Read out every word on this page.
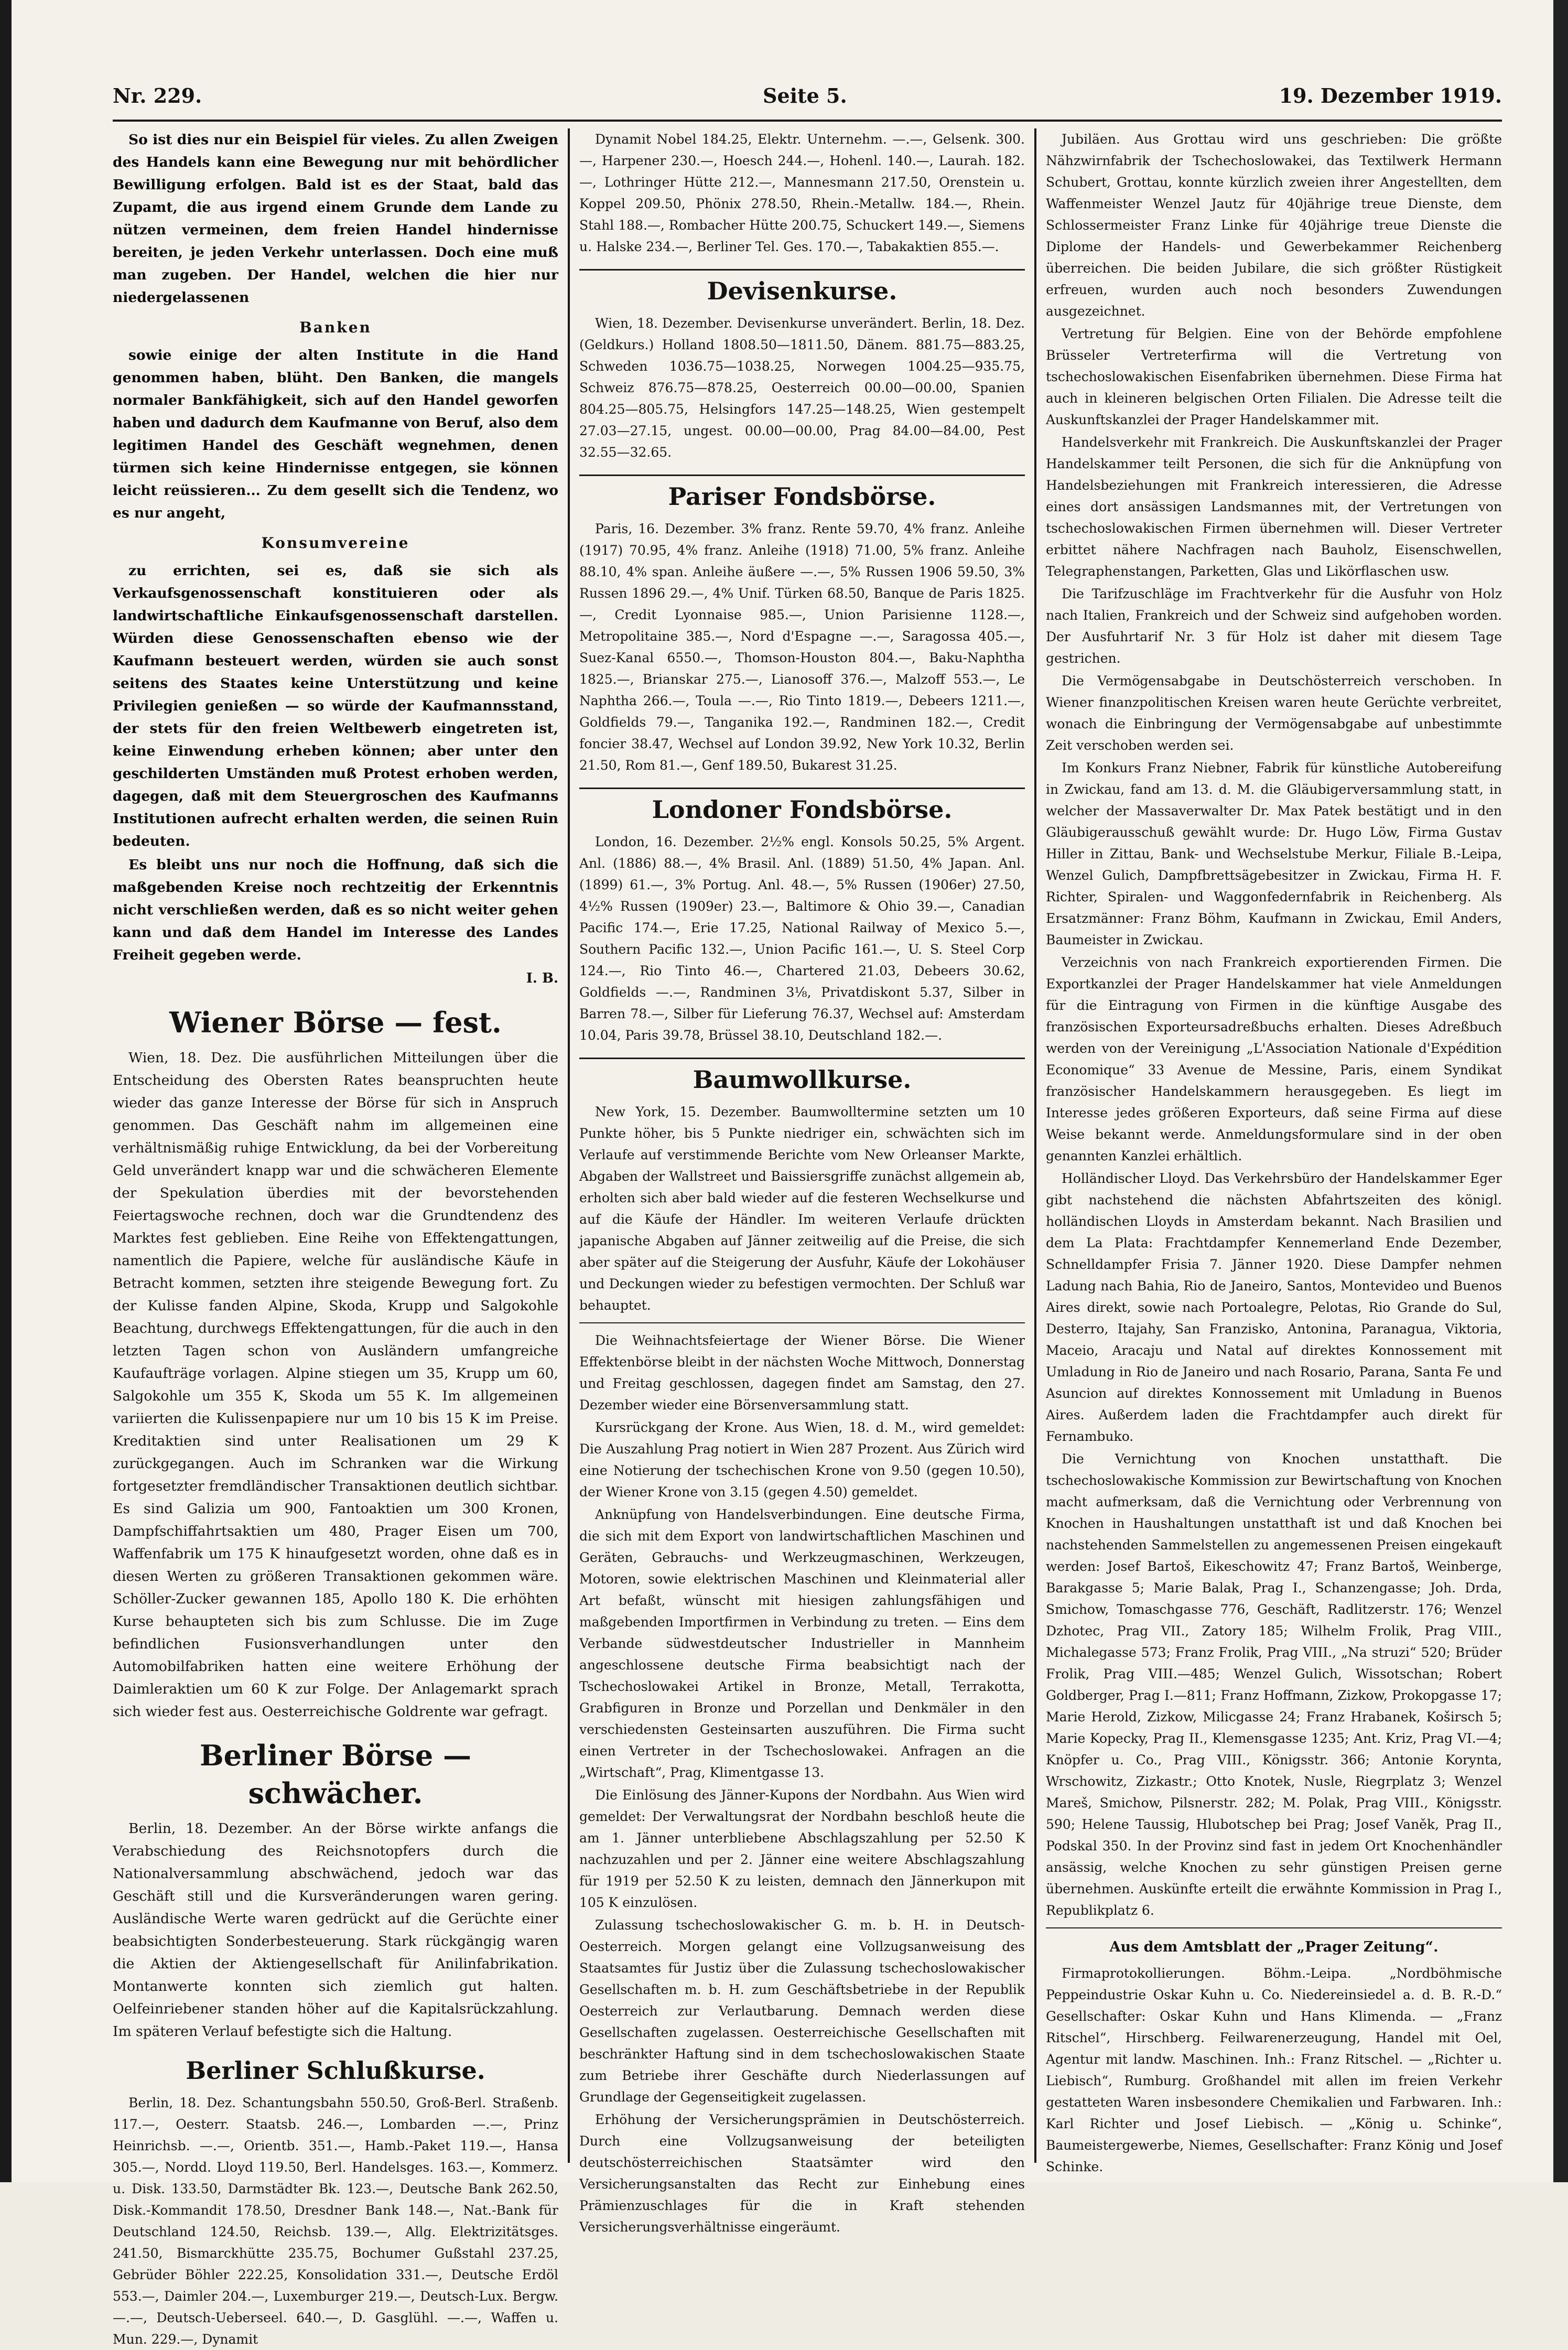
Nr. 229.	Seite 5.	19. Dezember 1919.

So ist dies nur ein Beispiel für vieles. Zu allen Zweigen des Handels kann eine Bewegung nur mit behördlicher Bewilligung erfolgen. Bald ist es der Staat, bald das Zupamt, die aus irgend einem Grunde dem Lande zu nützen vermeinen, dem freien Handel hindernisse bereiten, je jeden Verkehr unterlassen. Doch eine muß man zugeben. Der Handel, welchen die hier nur niedergelassenen

Banken

sowie einige der alten Institute in die Hand genommen haben, blüht. Den Banken, die mangels normaler Bankfähigkeit, sich auf den Handel geworfen haben und dadurch dem Kaufmanne von Beruf, also dem legitimen Handel des Geschäft wegnehmen, denen türmen sich keine Hindernisse entgegen, sie können leicht reüssieren... Zu dem gesellt sich die Tendenz, wo es nur angeht,

Konsumvereine

zu errichten, sei es, daß sie sich als Verkaufsgenossenschaft konstituieren oder als landwirtschaftliche Einkaufsgenossenschaft darstellen. Würden diese Genossenschaften ebenso wie der Kaufmann besteuert werden, würden sie auch sonst seitens des Staates keine Unterstützung und keine Privilegien genießen — so würde der Kaufmannsstand, der stets für den freien Weltbewerb eingetreten ist, keine Einwendung erheben können; aber unter den geschilderten Umständen muß Protest erhoben werden, dagegen, daß mit dem Steuergroschen des Kaufmanns Institutionen aufrecht erhalten werden, die seinen Ruin bedeuten.

Es bleibt uns nur noch die Hoffnung, daß sich die maßgebenden Kreise noch rechtzeitig der Erkenntnis nicht verschließen werden, daß es so nicht weiter gehen kann und daß dem Handel im Interesse des Landes Freiheit gegeben werde.

I. B.
Wiener Börse — fest.

Wien, 18. Dez. Die ausführlichen Mitteilungen über die Entscheidung des Obersten Rates beanspruchten heute wieder das ganze Interesse der Börse für sich in Anspruch genommen. Das Geschäft nahm im allgemeinen eine verhältnismäßig ruhige Entwicklung, da bei der Vorbereitung Geld unverändert knapp war und die schwächeren Elemente der Spekulation überdies mit der bevorstehenden Feiertagswoche rechnen, doch war die Grundtendenz des Marktes fest geblieben. Eine Reihe von Effektengattungen, namentlich die Papiere, welche für ausländische Käufe in Betracht kommen, setzten ihre steigende Bewegung fort. Zu der Kulisse fanden Alpine, Skoda, Krupp und Salgokohle Beachtung, durchwegs Effektengattungen, für die auch in den letzten Tagen schon von Ausländern umfangreiche Kaufaufträge vorlagen. Alpine stiegen um 35, Krupp um 60, Salgokohle um 355 K, Skoda um 55 K. Im allgemeinen variierten die Kulissenpapiere nur um 10 bis 15 K im Preise. Kreditaktien sind unter Realisationen um 29 K zurückgegangen. Auch im Schranken war die Wirkung fortgesetzter fremdländischer Transaktionen deutlich sichtbar. Es sind Galizia um 900, Fantoaktien um 300 Kronen, Dampfschiffahrtsaktien um 480, Prager Eisen um 700, Waffenfabrik um 175 K hinaufgesetzt worden, ohne daß es in diesen Werten zu größeren Transaktionen gekommen wäre. Schöller-Zucker gewannen 185, Apollo 180 K. Die erhöhten Kurse behaupteten sich bis zum Schlusse. Die im Zuge befindlichen Fusionsverhandlungen unter den Automobilfabriken hatten eine weitere Erhöhung der Daimleraktien um 60 K zur Folge. Der Anlagemarkt sprach sich wieder fest aus. Oesterreichische Goldrente war gefragt.

Berliner Börse — schwächer.

Berlin, 18. Dezember. An der Börse wirkte anfangs die Verabschiedung des Reichsnotopfers durch die Nationalversammlung abschwächend, jedoch war das Geschäft still und die Kursveränderungen waren gering. Ausländische Werte waren gedrückt auf die Gerüchte einer beabsichtigten Sonderbesteuerung. Stark rückgängig waren die Aktien der Aktiengesellschaft für Anilinfabrikation. Montanwerte konnten sich ziemlich gut halten. Oelfeinriebener standen höher auf die Kapitalsrückzahlung. Im späteren Verlauf befestigte sich die Haltung.

Berliner Schlußkurse.

Berlin, 18. Dez. Schantungsbahn 550.50, Groß-Berl. Straßenb. 117.—, Oesterr. Staatsb. 246.—, Lombarden —.—, Prinz Heinrichsb. —.—, Orientb. 351.—, Hamb.-Paket 119.—, Hansa 305.—, Nordd. Lloyd 119.50, Berl. Handelsges. 163.—, Kommerz. u. Disk. 133.50, Darmstädter Bk. 123.—, Deutsche Bank 262.50, Disk.-Kommandit 178.50, Dresdner Bank 148.—, Nat.-Bank für Deutschland 124.50, Reichsb. 139.—, Allg. Elektrizitätsges. 241.50, Bismarckhütte 235.75, Bochumer Gußstahl 237.25, Gebrüder Böhler 222.25, Konsolidation 331.—, Deutsche Erdöl 553.—, Daimler 204.—, Luxemburger 219.—, Deutsch-Lux. Bergw. —.—, Deutsch-Ueberseel. 640.—, D. Gasglühl. —.—, Waffen u. Mun. 229.—, Dynamit

Dynamit Nobel 184.25, Elektr. Unternehm. —.—, Gelsenk. 300.—, Harpener 230.—, Hoesch 244.—, Hohenl. 140.—, Laurah. 182.—, Lothringer Hütte 212.—, Mannesmann 217.50, Orenstein u. Koppel 209.50, Phönix 278.50, Rhein.-Metallw. 184.—, Rhein. Stahl 188.—, Rombacher Hütte 200.75, Schuckert 149.—, Siemens u. Halske 234.—, Berliner Tel. Ges. 170.—, Tabakaktien 855.—.

Devisenkurse.

Wien, 18. Dezember. Devisenkurse unverändert. Berlin, 18. Dez. (Geldkurs.) Holland 1808.50—1811.50, Dänem. 881.75—883.25, Schweden 1036.75—1038.25, Norwegen 1004.25—935.75, Schweiz 876.75—878.25, Oesterreich 00.00—00.00, Spanien 804.25—805.75, Helsingfors 147.25—148.25, Wien gestempelt 27.03—27.15, ungest. 00.00—00.00, Prag 84.00—84.00, Pest 32.55—32.65.

Pariser Fondsbörse.

Paris, 16. Dezember. 3% franz. Rente 59.70, 4% franz. Anleihe (1917) 70.95, 4% franz. Anleihe (1918) 71.00, 5% franz. Anleihe 88.10, 4% span. Anleihe äußere —.—, 5% Russen 1906 59.50, 3% Russen 1896 29.—, 4% Unif. Türken 68.50, Banque de Paris 1825.—, Credit Lyonnaise 985.—, Union Parisienne 1128.—, Metropolitaine 385.—, Nord d'Espagne —.—, Saragossa 405.—, Suez-Kanal 6550.—, Thomson-Houston 804.—, Baku-Naphtha 1825.—, Brianskar 275.—, Lianosoff 376.—, Malzoff 553.—, Le Naphtha 266.—, Toula —.—, Rio Tinto 1819.—, Debeers 1211.—, Goldfields 79.—, Tanganika 192.—, Randminen 182.—, Credit foncier 38.47, Wechsel auf London 39.92, New York 10.32, Berlin 21.50, Rom 81.—, Genf 189.50, Bukarest 31.25.

Londoner Fondsbörse.

London, 16. Dezember. 2½% engl. Konsols 50.25, 5% Argent. Anl. (1886) 88.—, 4% Brasil. Anl. (1889) 51.50, 4% Japan. Anl. (1899) 61.—, 3% Portug. Anl. 48.—, 5% Russen (1906er) 27.50, 4½% Russen (1909er) 23.—, Baltimore & Ohio 39.—, Canadian Pacific 174.—, Erie 17.25, National Railway of Mexico 5.—, Southern Pacific 132.—, Union Pacific 161.—, U. S. Steel Corp 124.—, Rio Tinto 46.—, Chartered 21.03, Debeers 30.62, Goldfields —.—, Randminen 3⅛, Privatdiskont 5.37, Silber in Barren 78.—, Silber für Lieferung 76.37, Wechsel auf: Amsterdam 10.04, Paris 39.78, Brüssel 38.10, Deutschland 182.—.

Baumwollkurse.

New York, 15. Dezember. Baumwolltermine setzten um 10 Punkte höher, bis 5 Punkte niedriger ein, schwächten sich im Verlaufe auf verstimmende Berichte vom New Orleanser Markte, Abgaben der Wallstreet und Baissiersgriffe zunächst allgemein ab, erholten sich aber bald wieder auf die festeren Wechselkurse und auf die Käufe der Händler. Im weiteren Verlaufe drückten japanische Abgaben auf Jänner zeitweilig auf die Preise, die sich aber später auf die Steigerung der Ausfuhr, Käufe der Lokohäuser und Deckungen wieder zu befestigen vermochten. Der Schluß war behauptet.

Die Weihnachtsfeiertage der Wiener Börse. Die Wiener Effektenbörse bleibt in der nächsten Woche Mittwoch, Donnerstag und Freitag geschlossen, dagegen findet am Samstag, den 27. Dezember wieder eine Börsenversammlung statt.

Kursrückgang der Krone. Aus Wien, 18. d. M., wird gemeldet: Die Auszahlung Prag notiert in Wien 287 Prozent. Aus Zürich wird eine Notierung der tschechischen Krone von 9.50 (gegen 10.50), der Wiener Krone von 3.15 (gegen 4.50) gemeldet.

Anknüpfung von Handelsverbindungen. Eine deutsche Firma, die sich mit dem Export von landwirtschaftlichen Maschinen und Geräten, Gebrauchs- und Werkzeugmaschinen, Werkzeugen, Motoren, sowie elektrischen Maschinen und Kleinmaterial aller Art befaßt, wünscht mit hiesigen zahlungsfähigen und maßgebenden Importfirmen in Verbindung zu treten. — Eins dem Verbande südwestdeutscher Industrieller in Mannheim angeschlossene deutsche Firma beabsichtigt nach der Tschechoslowakei Artikel in Bronze, Metall, Terrakotta, Grabfiguren in Bronze und Porzellan und Denkmäler in den verschiedensten Gesteinsarten auszuführen. Die Firma sucht einen Vertreter in der Tschechoslowakei. Anfragen an die „Wirtschaft“, Prag, Klimentgasse 13.

Die Einlösung des Jänner-Kupons der Nordbahn. Aus Wien wird gemeldet: Der Verwaltungsrat der Nordbahn beschloß heute die am 1. Jänner unterbliebene Abschlagszahlung per 52.50 K nachzuzahlen und per 2. Jänner eine weitere Abschlagszahlung für 1919 per 52.50 K zu leisten, demnach den Jännerkupon mit 105 K einzulösen.

Zulassung tschechoslowakischer G. m. b. H. in Deutsch-Oesterreich. Morgen gelangt eine Vollzugsanweisung des Staatsamtes für Justiz über die Zulassung tschechoslowakischer Gesellschaften m. b. H. zum Geschäftsbetriebe in der Republik Oesterreich zur Verlautbarung. Demnach werden diese Gesellschaften zugelassen. Oesterreichische Gesellschaften mit beschränkter Haftung sind in dem tschechoslowakischen Staate zum Betriebe ihrer Geschäfte durch Niederlassungen auf Grundlage der Gegenseitigkeit zugelassen.

Erhöhung der Versicherungsprämien in Deutschösterreich. Durch eine Vollzugsanweisung der beteiligten deutschösterreichischen Staatsämter wird den Versicherungsanstalten das Recht zur Einhebung eines Prämienzuschlages für die in Kraft stehenden Versicherungsverhältnisse eingeräumt.

Jubiläen. Aus Grottau wird uns geschrieben: Die größte Nähzwirnfabrik der Tschechoslowakei, das Textilwerk Hermann Schubert, Grottau, konnte kürzlich zweien ihrer Angestellten, dem Waffenmeister Wenzel Jautz für 40jährige treue Dienste, dem Schlossermeister Franz Linke für 40jährige treue Dienste die Diplome der Handels- und Gewerbekammer Reichenberg überreichen. Die beiden Jubilare, die sich größter Rüstigkeit erfreuen, wurden auch noch besonders Zuwendungen ausgezeichnet.

Vertretung für Belgien. Eine von der Behörde empfohlene Brüsseler Vertreterfirma will die Vertretung von tschechoslowakischen Eisenfabriken übernehmen. Diese Firma hat auch in kleineren belgischen Orten Filialen. Die Adresse teilt die Auskunftskanzlei der Prager Handelskammer mit.

Handelsverkehr mit Frankreich. Die Auskunftskanzlei der Prager Handelskammer teilt Personen, die sich für die Anknüpfung von Handelsbeziehungen mit Frankreich interessieren, die Adresse eines dort ansässigen Landsmannes mit, der Vertretungen von tschechoslowakischen Firmen übernehmen will. Dieser Vertreter erbittet nähere Nachfragen nach Bauholz, Eisenschwellen, Telegraphenstangen, Parketten, Glas und Likörflaschen usw.

Die Tarifzuschläge im Frachtverkehr für die Ausfuhr von Holz nach Italien, Frankreich und der Schweiz sind aufgehoben worden. Der Ausfuhrtarif Nr. 3 für Holz ist daher mit diesem Tage gestrichen.

Die Vermögensabgabe in Deutschösterreich verschoben. In Wiener finanzpolitischen Kreisen waren heute Gerüchte verbreitet, wonach die Einbringung der Vermögensabgabe auf unbestimmte Zeit verschoben werden sei.

Im Konkurs Franz Niebner, Fabrik für künstliche Autobereifung in Zwickau, fand am 13. d. M. die Gläubigerversammlung statt, in welcher der Massaverwalter Dr. Max Patek bestätigt und in den Gläubigerausschuß gewählt wurde: Dr. Hugo Löw, Firma Gustav Hiller in Zittau, Bank- und Wechselstube Merkur, Filiale B.-Leipa, Wenzel Gulich, Dampfbrettsägebesitzer in Zwickau, Firma H. F. Richter, Spiralen- und Waggonfedernfabrik in Reichenberg. Als Ersatzmänner: Franz Böhm, Kaufmann in Zwickau, Emil Anders, Baumeister in Zwickau.

Verzeichnis von nach Frankreich exportierenden Firmen. Die Exportkanzlei der Prager Handelskammer hat viele Anmeldungen für die Eintragung von Firmen in die künftige Ausgabe des französischen Exporteursadreßbuchs erhalten. Dieses Adreßbuch werden von der Vereinigung „L'Association Nationale d'Expédition Economique“ 33 Avenue de Messine, Paris, einem Syndikat französischer Handelskammern herausgegeben. Es liegt im Interesse jedes größeren Exporteurs, daß seine Firma auf diese Weise bekannt werde. Anmeldungsformulare sind in der oben genannten Kanzlei erhältlich.

Holländischer Lloyd. Das Verkehrsbüro der Handelskammer Eger gibt nachstehend die nächsten Abfahrtszeiten des königl. holländischen Lloyds in Amsterdam bekannt. Nach Brasilien und dem La Plata: Frachtdampfer Kennemerland Ende Dezember, Schnelldampfer Frisia 7. Jänner 1920. Diese Dampfer nehmen Ladung nach Bahia, Rio de Janeiro, Santos, Montevideo und Buenos Aires direkt, sowie nach Portoalegre, Pelotas, Rio Grande do Sul, Desterro, Itajahy, San Franzisko, Antonina, Paranagua, Viktoria, Maceio, Aracaju und Natal auf direktes Konnossement mit Umladung in Rio de Janeiro und nach Rosario, Parana, Santa Fe und Asuncion auf direktes Konnossement mit Umladung in Buenos Aires. Außerdem laden die Frachtdampfer auch direkt für Fernambuko.

Die Vernichtung von Knochen unstatthaft. Die tschechoslowakische Kommission zur Bewirtschaftung von Knochen macht aufmerksam, daß die Vernichtung oder Verbrennung von Knochen in Haushaltungen unstatthaft ist und daß Knochen bei nachstehenden Sammelstellen zu angemessenen Preisen eingekauft werden: Josef Bartoš, Eikeschowitz 47; Franz Bartoš, Weinberge, Barakgasse 5; Marie Balak, Prag I., Schanzengasse; Joh. Drda, Smichow, Tomaschgasse 776, Geschäft, Radlitzerstr. 176; Wenzel Dzhotec, Prag VII., Zatory 185; Wilhelm Frolik, Prag VIII., Michalegasse 573; Franz Frolik, Prag VIII., „Na struzi“ 520; Brüder Frolik, Prag VIII.—485; Wenzel Gulich, Wissotschan; Robert Goldberger, Prag I.—811; Franz Hoffmann, Zizkow, Prokopgasse 17; Marie Herold, Zizkow, Milicgasse 24; Franz Hrabanek, Koširsch 5; Marie Kopecky, Prag II., Klemensgasse 1235; Ant. Kriz, Prag VI.—4; Knöpfer u. Co., Prag VIII., Königsstr. 366; Antonie Korynta, Wrschowitz, Zizkastr.; Otto Knotek, Nusle, Riegrplatz 3; Wenzel Mareš, Smichow, Pilsnerstr. 282; M. Polak, Prag VIII., Königsstr. 590; Helene Taussig, Hlubotschep bei Prag; Josef Vaněk, Prag II., Podskal 350. In der Provinz sind fast in jedem Ort Knochenhändler ansässig, welche Knochen zu sehr günstigen Preisen gerne übernehmen. Auskünfte erteilt die erwähnte Kommission in Prag I., Republikplatz 6.

Aus dem Amtsblatt der „Prager Zeitung“.

Firmaprotokollierungen. Böhm.-Leipa. „Nordböhmische Peppeindustrie Oskar Kuhn u. Co. Niedereinsiedel a. d. B. R.-D.“ Gesellschafter: Oskar Kuhn und Hans Klimenda. — „Franz Ritschel“, Hirschberg. Feilwarenerzeugung, Handel mit Oel, Agentur mit landw. Maschinen. Inh.: Franz Ritschel. — „Richter u. Liebisch“, Rumburg. Großhandel mit allen im freien Verkehr gestatteten Waren insbesondere Chemikalien und Farbwaren. Inh.: Karl Richter und Josef Liebisch. — „König u. Schinke“, Baumeistergewerbe, Niemes, Gesellschafter: Franz König und Josef Schinke.
